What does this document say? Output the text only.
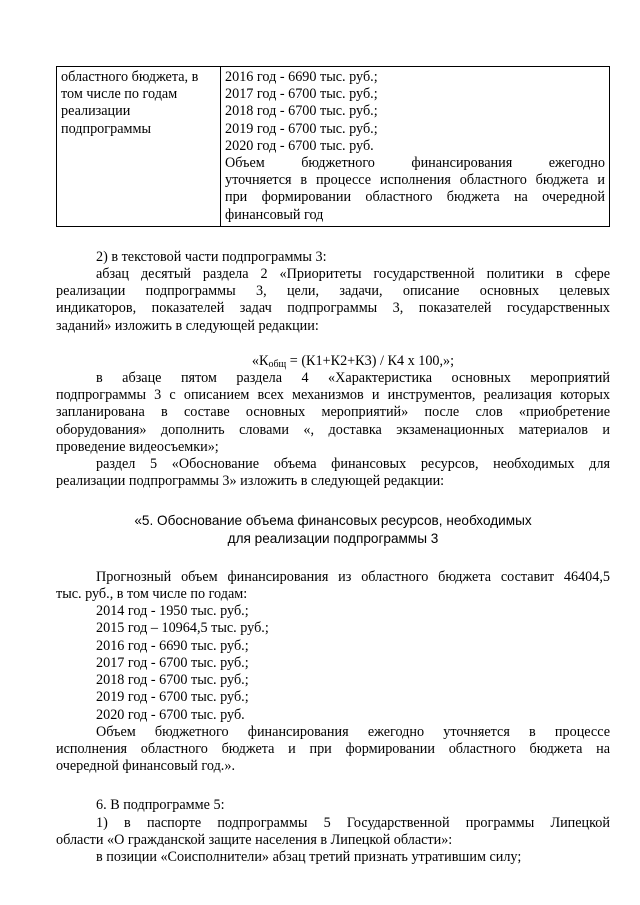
областного бюджета, в
том числе по годам
реализации
подпрограммы

2016 год - 6690 тыс. руб.;
2017 год - 6700 тыс. руб.;
2018 год - 6700 тыс. руб.;
2019 год - 6700 тыс. руб.;
2020 год - 6700 тыс. руб.
Объем бюджетного финансирования ежегодно
уточняется в процессе исполнения областного бюджета и
при формировании областного бюджета на очередной
финансовый год
2) в текстовой части подпрограммы 3:
абзац десятый раздела 2 «Приоритеты государственной политики в сфере
реализации подпрограммы 3, цели, задачи, описание основных целевых
индикаторов, показателей задач подпрограммы 3, показателей государственных
заданий» изложить в следующей редакции:
«$К_{общ} = (К1+К2+К3) / К4$ х 100,»;
в абзаце пятом раздела 4 «Характеристика основных мероприятий
подпрограммы 3 с описанием всех механизмов и инструментов, реализация которых
запланирована в составе основных мероприятий» после слов «приобретение
оборудования» дополнить словами «, доставка экзаменационных материалов и
проведение видеосъемки»;
раздел 5 «Обоснование объема финансовых ресурсов, необходимых для
реализации подпрограммы 3» изложить в следующей редакции:
«5. Обоснование объема финансовых ресурсов, необходимых
для реализации подпрограммы 3
Прогнозный объем финансирования из областного бюджета составит 46404,5
тыс. руб., в том числе по годам:
2014 год - 1950 тыс. руб.;
2015 год – 10964,5 тыс. руб.;
2016 год - 6690 тыс. руб.;
2017 год - 6700 тыс. руб.;
2018 год - 6700 тыс. руб.;
2019 год - 6700 тыс. руб.;
2020 год - 6700 тыс. руб.
Объем бюджетного финансирования ежегодно уточняется в процессе
исполнения областного бюджета и при формировании областного бюджета на
очередной финансовый год.».
6. В подпрограмме 5:
1) в паспорте подпрограммы 5 Государственной программы Липецкой
области «О гражданской защите населения в Липецкой области»:
в позиции «Соисполнители» абзац третий признать утратившим силу;
